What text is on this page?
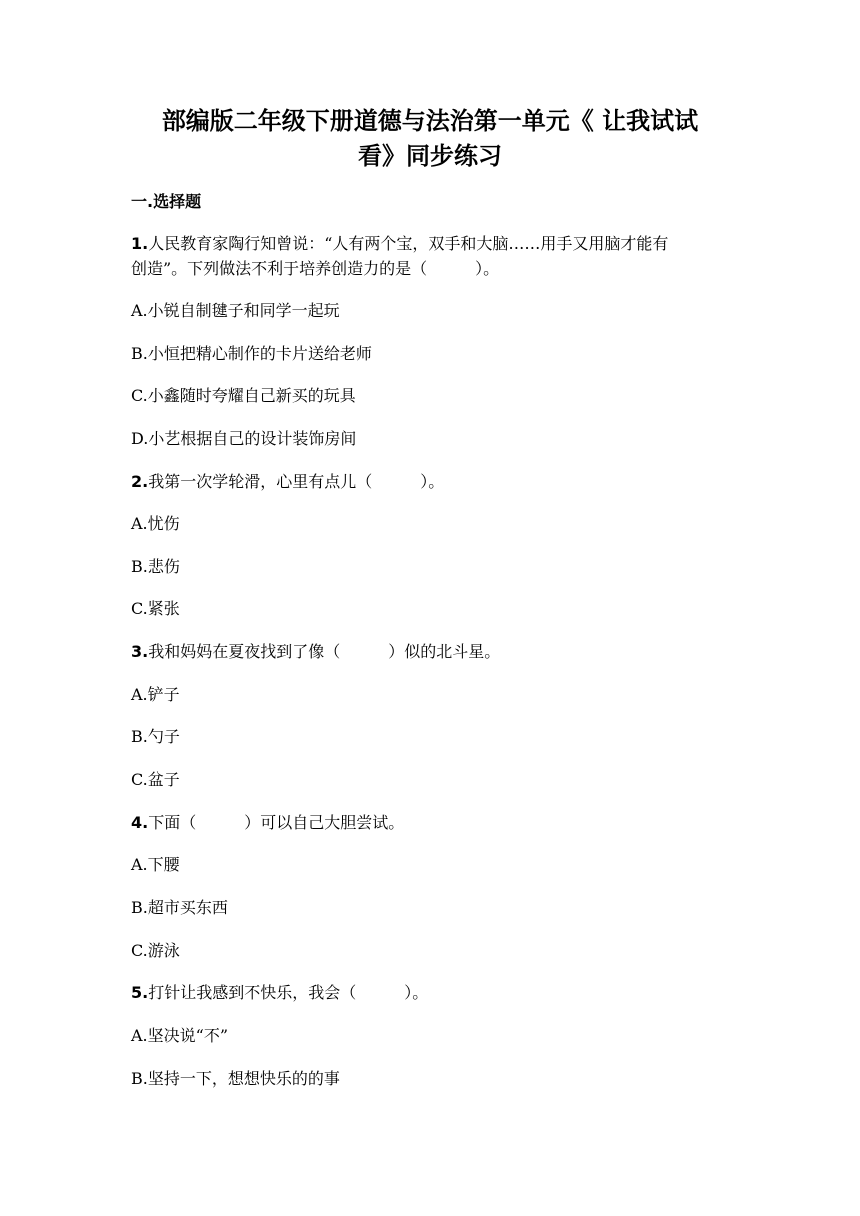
部编版二年级下册道德与法治第一单元《 让我试试
看》同步练习
一.选择题
1.人民教育家陶行知曾说：“人有两个宝，双手和大脑……用手又用脑才能有
创造”。下列做法不利于培养创造力的是（　　　）。
A.小锐自制毽子和同学一起玩
B.小恒把精心制作的卡片送给老师
C.小鑫随时夸耀自己新买的玩具
D.小艺根据自己的设计装饰房间
2.我第一次学轮滑，心里有点儿（　　　）。
A.忧伤
B.悲伤
C.紧张
3.我和妈妈在夏夜找到了像（　　　）似的北斗星。
A.铲子
B.勺子
C.盆子
4.下面（　　　）可以自己大胆尝试。
A.下腰
B.超市买东西
C.游泳
5.打针让我感到不快乐，我会（　　　）。
A.坚决说“不”
B.坚持一下，想想快乐的的事
